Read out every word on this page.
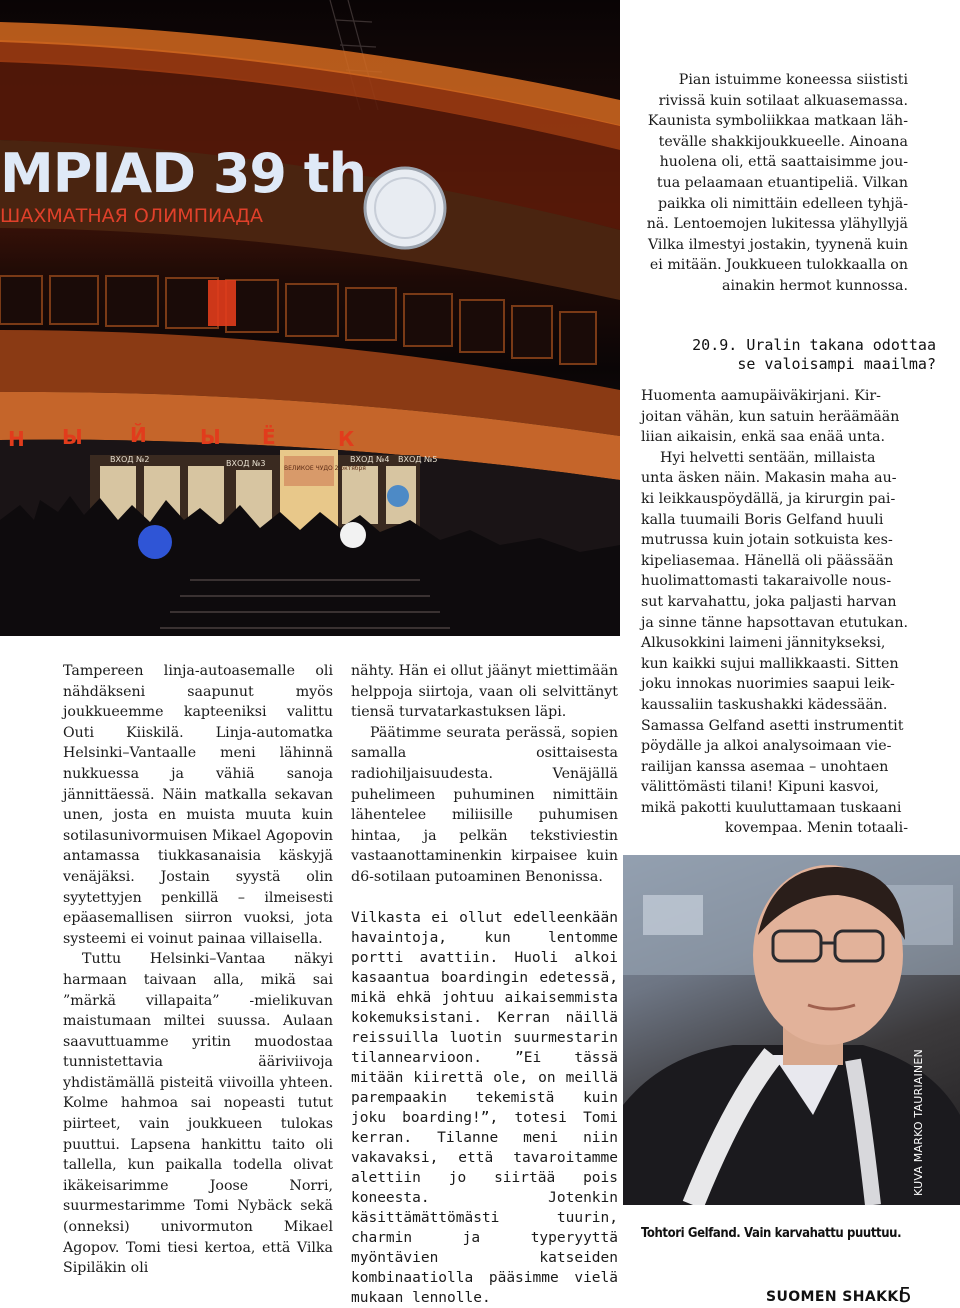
MPIAD 39 th
ШАХМАТНАЯ ОЛИМПИАДА
Н Ы Й	Ы Ё	К
ВХОД №2	ВХОД №3	ВХОД №4 ВХОД №5
ВЕЛИКОЕ ЧУДО 2 октября
Pian istuimme koneessa siististi
rivissä kuin sotilaat alkuasemassa.
Kaunista symboliikkaa matkaan läh-
tevälle shakkijoukkueelle. Ainoana
huolena oli, että saattaisimme jou-
tua pelaamaan etuantipeliä. Vilkan
paikka oli nimittäin edelleen tyhjä-
nä. Lentoemojen lukitessa ylähyllyjä
Vilka ilmestyi jostakin, tyynenä kuin
ei mitään. Joukkueen tulokkaalla on
ainakin hermot kunnossa.
20.9. Uralin takana odottaa
se valoisampi maailma?
Huomenta aamupäiväkirjani. Kir-
joitan vähän, kun satuin heräämään
liian aikaisin, enkä saa enää unta.
Hyi helvetti sentään, millaista
unta äsken näin. Makasin maha au-
ki leikkauspöydällä, ja kirurgin pai-
kalla tuumaili Boris Gelfand huuli
mutrussa kuin jotain sotkuista kes-
kipeliasemaa. Hänellä oli päässään
huolimattomasti takaraivolle nous-
sut karvahattu, joka paljasti harvan
ja sinne tänne hapsottavan etutukan.
Alkusokkini laimeni jännitykseksi,
kun kaikki sujui mallikkaasti. Sitten
joku innokas nuorimies saapui leik-
kaussaliin taskushakki kädessään.
Samassa Gelfand asetti instrumentit
pöydälle ja alkoi analysoimaan vie-
railijan kanssa asemaa – unohtaen
välittömästi tilani! Kipuni kasvoi,
mikä pakotti kuuluttamaan tuskaani
kovempaa. Menin totaali-

Tampereen linja-autoasemalle oli nähdäkseni saapunut myös joukkueemme kapteeniksi valittu Outi Kiiskilä. Linja-automatka Helsinki–Vantaalle meni lähinnä nukkuessa ja vähiä sanoja jännittäessä. Näin matkalla sekavan unen, josta en muista muuta kuin sotilasunivormuisen Mikael Agopovin antamassa tiukkasanaisia käskyjä venäjäksi. Jostain syystä olin syytettyjen penkillä – ilmeisesti epäasemallisen siirron vuoksi, jota systeemi ei voinut painaa villaisella.

Tuttu Helsinki–Vantaa näkyi harmaan taivaan alla, mikä sai ”märkä villapaita” -mielikuvan maistumaan miltei suussa. Aulaan saavuttuamme yritin muodostaa tunnistettavia ääriviivoja yhdistämällä pisteitä viivoilla yhteen. Kolme hahmoa sai nopeasti tutut piirteet, vain joukkueen tulokas puuttui. Lapsena hankittu taito oli tallella, kun paikalla todella olivat ikäkeisarimme Joose Norri, suurmestarimme Tomi Nybäck sekä (onneksi) univormuton Mikael Agopov. Tomi tiesi kertoa, että Vilka Sipiläkin oli

nähty. Hän ei ollut jäänyt miettimään helppoja siirtoja, vaan oli selvittänyt tiensä turvatarkastuksen läpi.

Päätimme seurata perässä, sopien samalla osittaisesta radiohiljaisuudesta. Venäjällä puhelimeen puhuminen nimittäin lähentelee miliisille puhumisen hintaa, ja pelkän tekstiviestin vastaanottaminenkin kirpaisee kuin d6-sotilaan putoaminen Benonissa.

Vilkasta ei ollut edelleenkään havaintoja, kun lentomme portti avattiin. Huoli alkoi kasaantua boardingin edetessä, mikä ehkä johtuu aikaisemmista kokemuksistani. Kerran näillä reissuilla luotin suurmestarin tilannearvioon. ”Ei tässä mitään kiirettä ole, on meillä parempaakin tekemistä kuin joku boarding!”, totesi Tomi kerran. Tilanne meni niin vakavaksi, että tavaroitamme alettiin jo siirtää pois koneesta. Jotenkin käsittämättömästi tuurin, charmin ja typeryyttä myöntävien katseiden kombinaatiolla pääsimme vielä mukaan lennolle.

KUVA MARKO TAURIAINEN
Tohtori Gelfand. Vain karvahattu puuttuu.
SUOMEN SHAKKI
5
